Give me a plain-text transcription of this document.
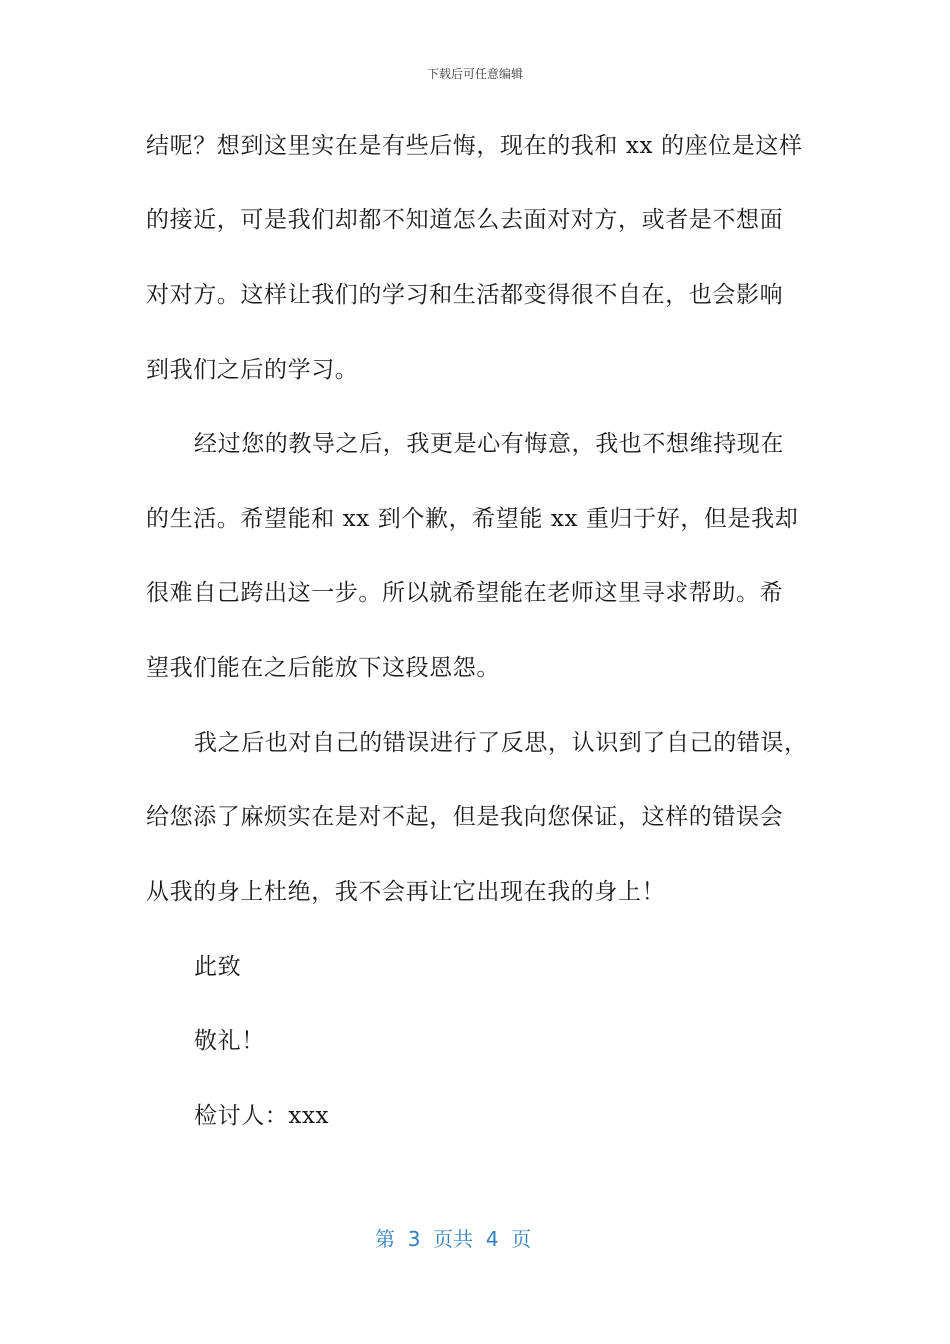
下载后可任意编辑
结呢？想到这里实在是有些后悔，现在的我和 xx 的座位是这样
的接近，可是我们却都不知道怎么去面对对方，或者是不想面
对对方。这样让我们的学习和生活都变得很不自在，也会影响
到我们之后的学习。
经过您的教导之后，我更是心有悔意，我也不想维持现在
的生活。希望能和 xx 到个歉，希望能 xx 重归于好，但是我却
很难自己跨出这一步。所以就希望能在老师这里寻求帮助。希
望我们能在之后能放下这段恩怨。
我之后也对自己的错误进行了反思，认识到了自己的错误，
给您添了麻烦实在是对不起，但是我向您保证，这样的错误会
从我的身上杜绝，我不会再让它出现在我的身上！
此致
敬礼！
检讨人：xxx
第  3  页共  4  页
